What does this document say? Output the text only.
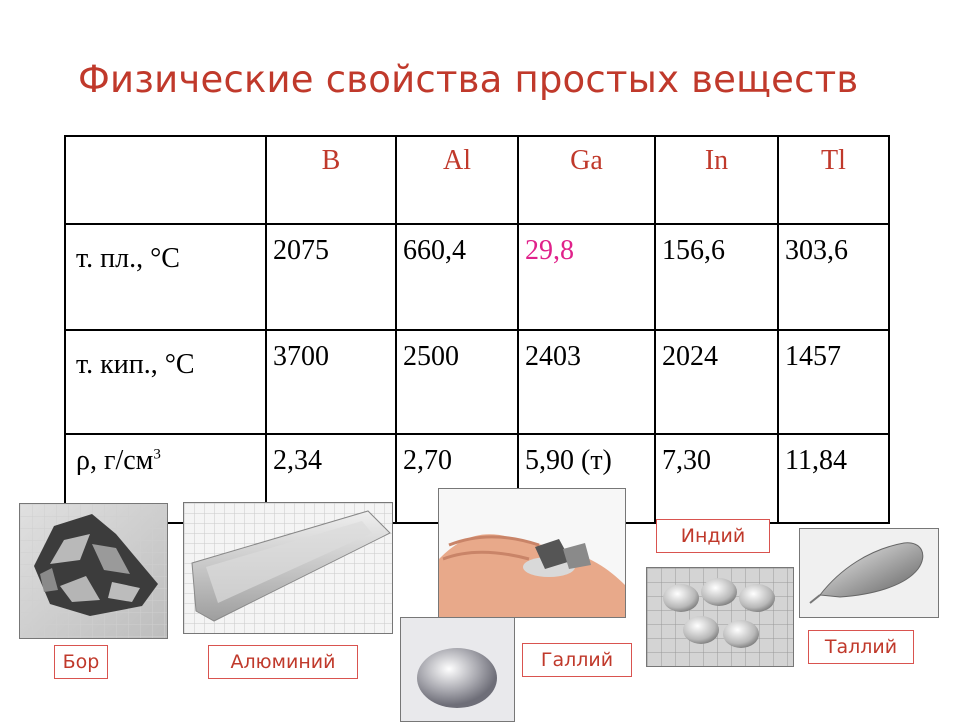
Физические свойства простых веществ
	B	Al	Ga	In	Tl
т. пл., °С	2075	660,4	29,8	156,6	303,6
т. кип., °С	3700	2500	2403	2024	1457
ρ, $г/см^3$	2,34	2,70	5,90 (т)	7,30	11,84
Бор	Алюминий	Галлий
Индий
Таллий
